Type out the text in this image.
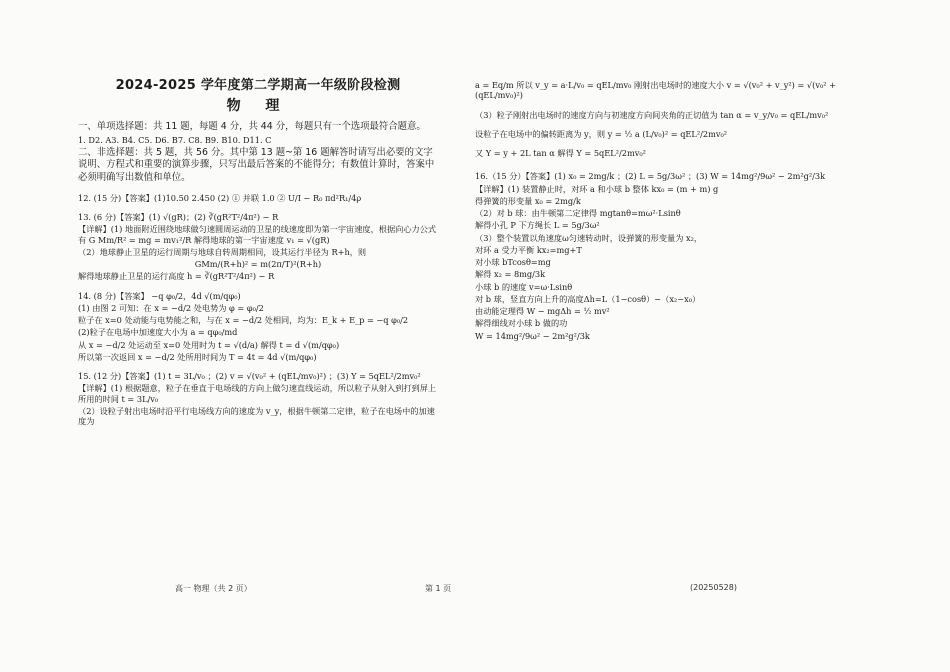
2024-2025 学年度第二学期高一年级阶段检测
物 理
一、单项选择题：共 11 题，每题 4 分，共 44 分，每题只有一个选项最符合题意。
1. D2. A3. B4. C5. D6. B7. C8. B9. B10. D11. C
二、非选择题：共 5 题，共 56 分。其中第 13 题~第 16 题解答时请写出必要的文字说明、方程式和重要的演算步骤，只写出最后答案的不能得分；有数值计算时，答案中必须明确写出数值和单位。
12. (15 分)【答案】(1)10.50 2.450 (2) ① 并联 1.0 ② U/I − R₀ πd²R₁/4ρ
13. (6 分)【答案】(1) √(gR)；(2) ∛(gR²T²/4π²) − R
【详解】(1) 地面附近围绕地球做匀速圆周运动的卫星的线速度即为第一宇宙速度，根据向心力公式有 G Mm/R² = mg = mv₁²/R 解得地球的第一宇宙速度 v₁ = √(gR)
（2）地球静止卫星的运行周期与地球自转周期相同，设其运行半径为 R+h，则
GMm/(R+h)² = m(2π/T)²(R+h)
解得地球静止卫星的运行高度 h = ∛(gR²T²/4π²) − R
14. (8 分)【答案】 −q φ₀/2，4d √(m/qφ₀)
(1) 由图 2 可知：在 x = −d/2 处电势为 φ = φ₀/2
粒子在 x=0 处动能与电势能之和，与在 x = −d/2 处相同，均为：E_k + E_p = −q φ₀/2
(2)粒子在电场中加速度大小为 a = qφ₀/md
从 x = −d/2 处运动至 x=0 处用时为 t = √(d/a) 解得 t = d √(m/qφ₀)
所以第一次返回 x = −d/2 处所用时间为 T = 4t = 4d √(m/qφ₀)
15. (12 分)【答案】(1) t = 3L/v₀ ；(2) v = √(v₀² + (qEL/mv₀)²) ；(3) Y = 5qEL²/2mv₀²
【详解】(1) 根据题意，粒子在垂直于电场线的方向上做匀速直线运动，所以粒子从射入到打到屏上所用的时间 t = 3L/v₀
（2）设粒子射出电场时沿平行电场线方向的速度为 v_y，根据牛顿第二定律，粒子在电场中的加速度为
a = Eq/m 所以 v_y = a·L/v₀ = qEL/mv₀ 刚射出电场时的速度大小 v = √(v₀² + v_y²) = √(v₀² + (qEL/mv₀)²)
（3）粒子刚射出电场时的速度方向与初速度方向间夹角的正切值为 tan α = v_y/v₀ = qEL/mv₀²
设粒子在电场中的偏转距离为 y，则 y = ½ a (L/v₀)² = qEL²/2mv₀²
又 Y = y + 2L tan α 解得 Y = 5qEL²/2mv₀²
16.（15 分）【答案】(1) x₀ = 2mg/k ；(2) L = 5g/3ω² ；(3) W = 14mg²/9ω² − 2m²g²/3k
【详解】(1) 装置静止时，对环 a 和小球 b 整体 kx₀ = (m + m) g
得弹簧的形变量 x₀ = 2mg/k
（2）对 b 球：由牛顿第二定律得 mgtanθ=mω²·Lsinθ
解得小孔 P 下方绳长 L = 5g/3ω²
（3）整个装置以角速度ω匀速转动时，设弹簧的形变量为 x₂，
对环 a 受力平衡 kx₂=mg+T
对小球 bTcosθ=mg
解得 x₂ = 8mg/3k
小球 b 的速度 v=ω·Lsinθ
对 b 球，竖直方向上升的高度Δh=L（1−cosθ）−（x₂−x₀）
由动能定理得 W − mgΔh = ½ mv²
解得细线对小球 b 做的功
W = 14mg²/9ω² − 2m²g²/3k
高一 物理（共 2 页）	第 1 页	(20250528)
